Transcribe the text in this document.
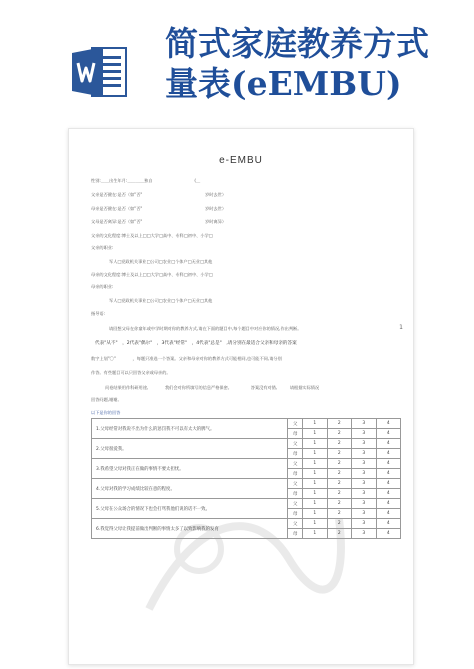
简式家庭教养方式
量表(eEMBU)
e-EMBU
性别:＿＿出生年月:＿＿＿＿独自　　　　　　　　　　(＿
父亲是否健在:是否（如"否"　　　　　　　　　　　　　　　岁时去世）
母亲是否健在:是否（如"否"　　　　　　　　　　　　　　　岁时去世）
父母是否离异:是否（如"否"　　　　　　　　　　　　　　　岁时离异）
父亲的文化程度:博士及以上□□大学□高中、专科□初中、小学□
父亲的职业:
军人□党政机关事业□公司□农业□个体户□无业□其他
母亲的文化程度:博士及以上□□大学□高中、专科□初中、小学□
母亲的职业:
军人□党政机关事业□公司□农业□个体户□无业□其他
指导语:
请回想父母在你童年或中学时期对你的教养方式,请在下面的题目中,每个题目中对应你的情况,作出判断。
代表"从不"　，2代表"偶尔"　，3代表"经常"　，4代表"总是"　,请分别在最适合父亲和母亲的答案
数字上划"〇"　　　　，每题只准选一个答案。父亲和母亲对你的教养方式可能相同,也可能不同,请分别
作答。有些题目可以只回答父亲或母亲的。
问卷结果用作科研用途,　　　　我们会对你所填写的信息严格保密。　　　　　答案没有对错,　　　请根据实际情况
回答问题,谢谢。
以下是你的回答
1
1.父母经常对我说不出为什么的惩罚我不可以有太大的脾气。	父	1	2	3	4
	母	1	2	3	4
2.父母很爱我。	父	1	2	3	4
	母	1	2	3	4
3.我希望父母对我正在做的事情不要太担忧。	父	1	2	3	4
	母	1	2	3	4
4.父母对我的学习成绩比较在意的程度。	父	1	2	3	4
	母	1	2	3	4
5.父母在公众场合的情况下也会打骂我他们说的话不一致。	父	1	2	3	4
	母	1	2	3	4
6.我觉得父母让我提前做出判断的事情太多了以致影响我的发育	父	1	2	3	4
	母	1	2	3	4
